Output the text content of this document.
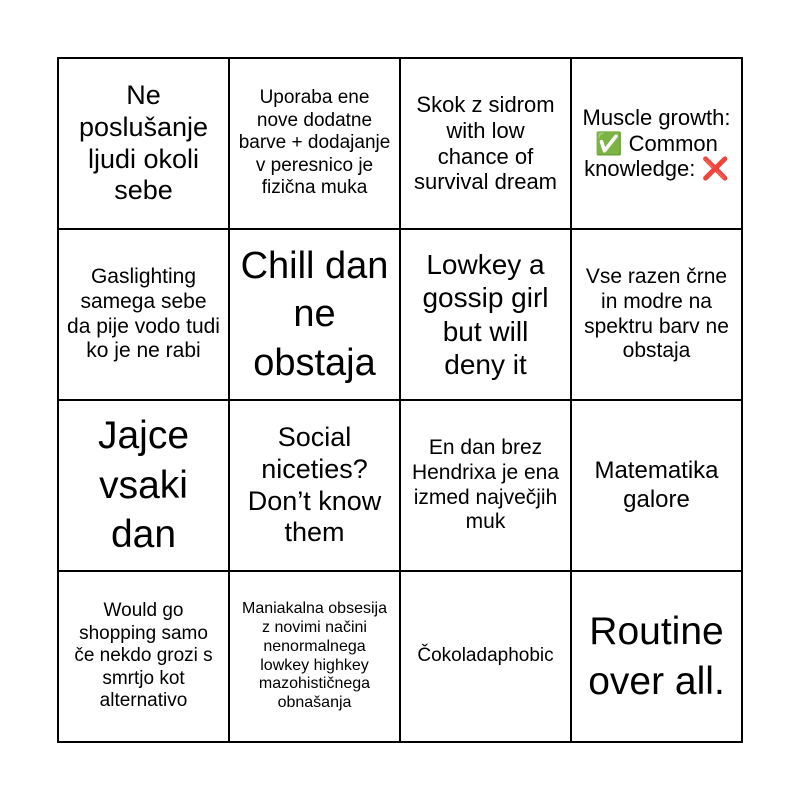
Ne poslušanje ljudi okoli sebe
Uporaba ene nove dodatne barve + dodajanje v peresnico je fizična muka
Skok z sidrom with low chance of survival dream
Muscle growth: ✅ Common knowledge: ❌
Gaslighting samega sebe da pije vodo tudi ko je ne rabi
Chill dan ne obstaja
Lowkey a gossip girl but will deny it
Vse razen črne in modre na spektru barv ne obstaja
Jajce vsaki dan
Social niceties? Don’t know them
En dan brez Hendrixa je ena izmed največjih muk
Matematika galore
Would go shopping samo če nekdo grozi s smrtjo kot alternativo
Maniakalna obsesija z novimi načini nenormalnega lowkey highkey mazohističnega obnašanja
Čokoladaphobic
Routine over all.
